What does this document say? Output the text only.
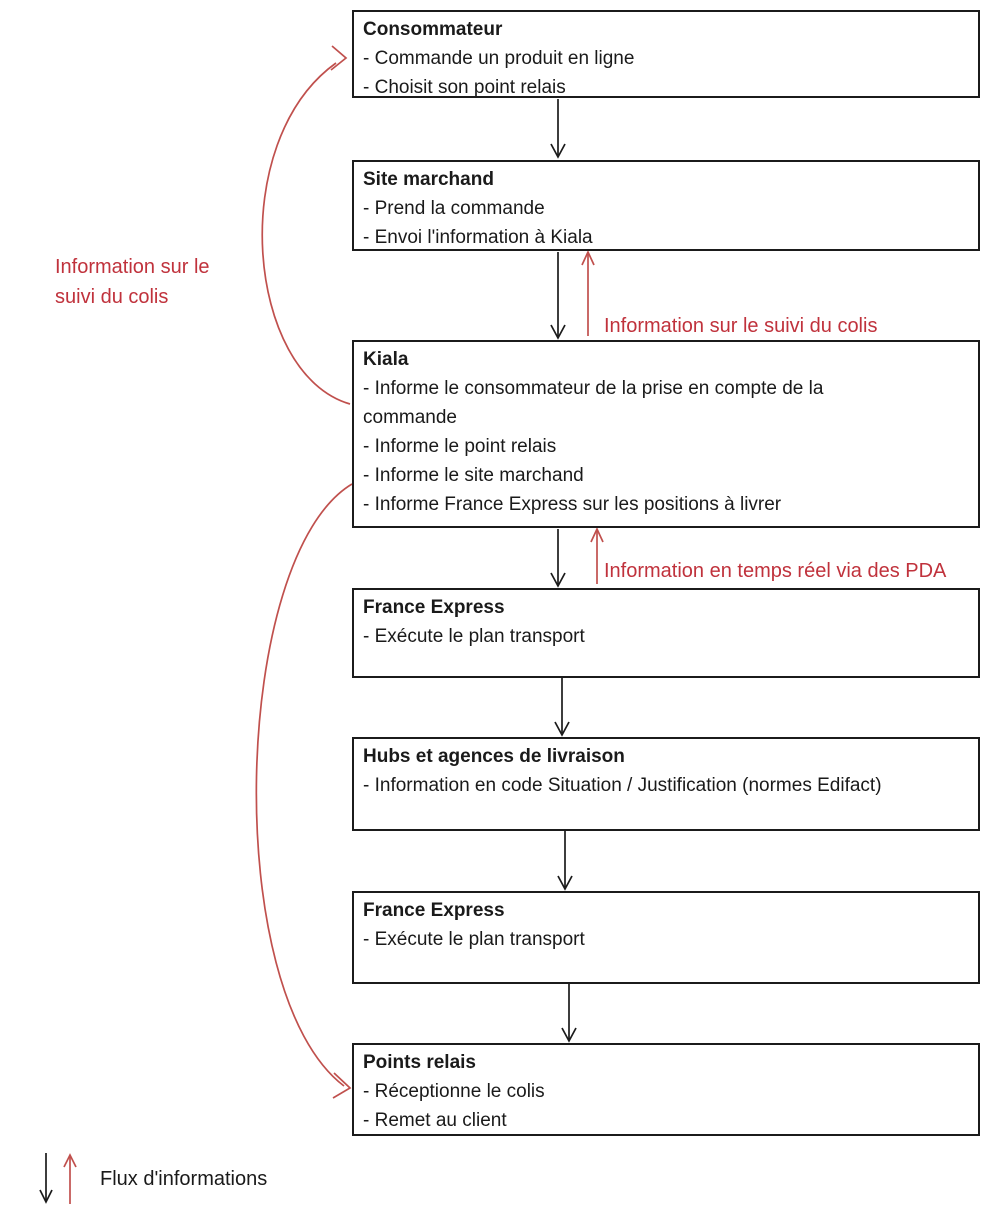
Consommateur
- Commande un produit en ligne
- Choisit son point relais
Site marchand
- Prend la commande
- Envoi l'information à Kiala
Kiala
- Informe le consommateur de la prise en compte de la
commande
- Informe le point relais
- Informe le site marchand
- Informe France Express sur les positions à livrer
France Express
- Exécute le plan transport
Hubs et agences de livraison
- Information en code Situation / Justification (normes Edifact)
France Express
- Exécute le plan transport
Points relais
- Réceptionne le colis
- Remet au client
Information sur le
suivi du colis
Information sur le suivi du colis
Information en temps réel via des PDA
Flux d'informations
